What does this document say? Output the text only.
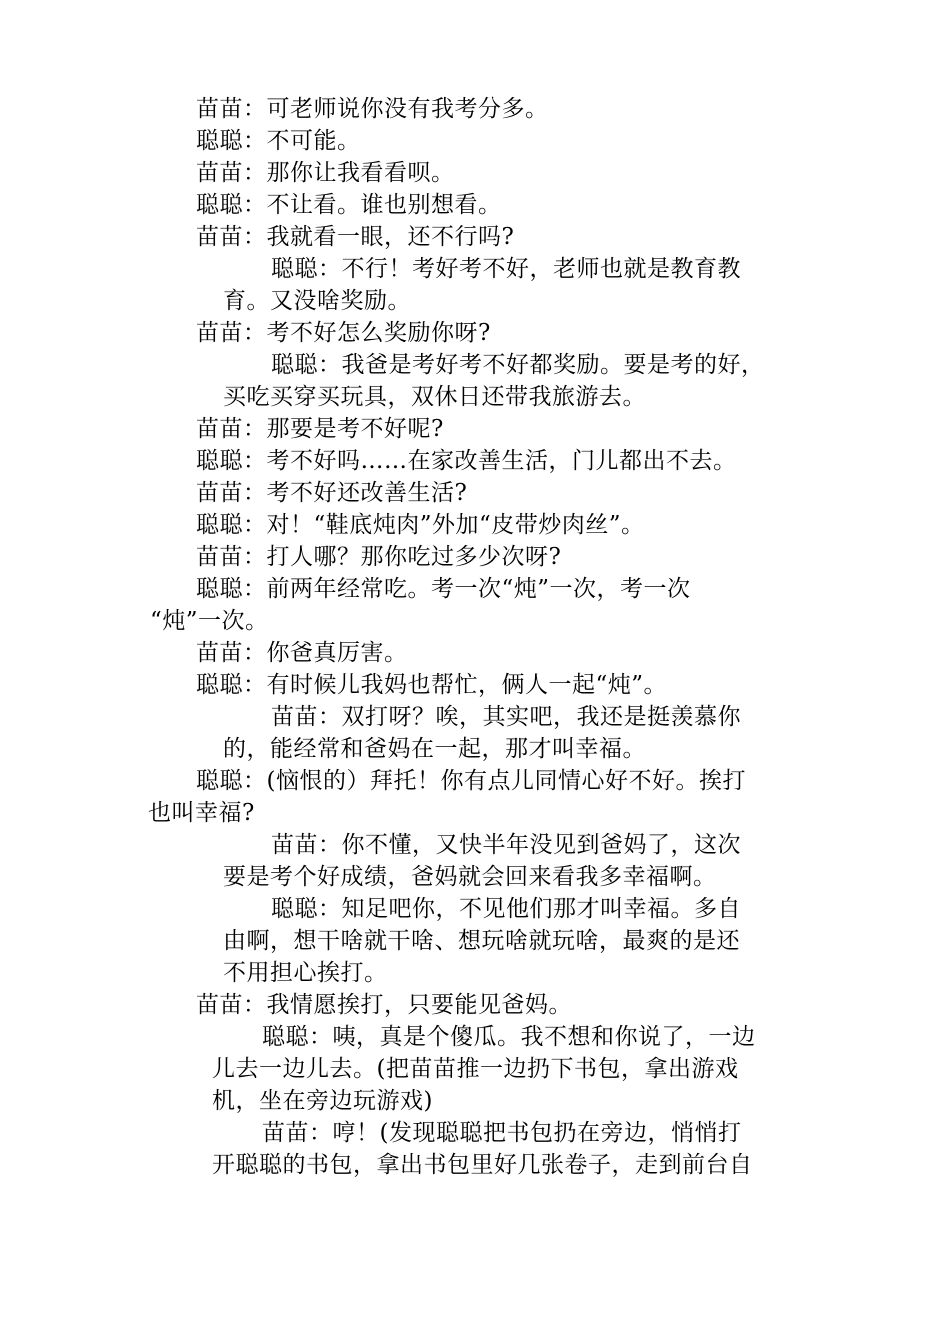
苗苗：可老师说你没有我考分多。
聪聪：不可能。
苗苗：那你让我看看呗。
聪聪：不让看。谁也别想看。
苗苗：我就看一眼，还不行吗?
聪聪：不行！考好考不好，老师也就是教育教
育。又没啥奖励。
苗苗：考不好怎么奖励你呀?
聪聪：我爸是考好考不好都奖励。要是考的好，
买吃买穿买玩具，双休日还带我旅游去。
苗苗：那要是考不好呢?
聪聪：考不好吗……在家改善生活，门儿都出不去。
苗苗：考不好还改善生活?
聪聪：对！“鞋底炖肉”外加“皮带炒肉丝”。
苗苗：打人哪？那你吃过多少次呀?
聪聪：前两年经常吃。考一次“炖”一次，考一次
“炖”一次。
苗苗：你爸真厉害。
聪聪：有时候儿我妈也帮忙，俩人一起“炖”。
苗苗：双打呀？唉，其实吧，我还是挺羡慕你
的，能经常和爸妈在一起，那才叫幸福。
聪聪：(恼恨的）拜托！你有点儿同情心好不好。挨打
也叫幸福?
苗苗：你不懂，又快半年没见到爸妈了，这次
要是考个好成绩，爸妈就会回来看我多幸福啊。
聪聪：知足吧你，不见他们那才叫幸福。多自
由啊，想干啥就干啥、想玩啥就玩啥，最爽的是还
不用担心挨打。
苗苗：我情愿挨打，只要能见爸妈。
聪聪：咦，真是个傻瓜。我不想和你说了，一边
儿去一边儿去。(把苗苗推一边扔下书包，拿出游戏
机，坐在旁边玩游戏)
苗苗：哼！(发现聪聪把书包扔在旁边，悄悄打
开聪聪的书包，拿出书包里好几张卷子，走到前台自
